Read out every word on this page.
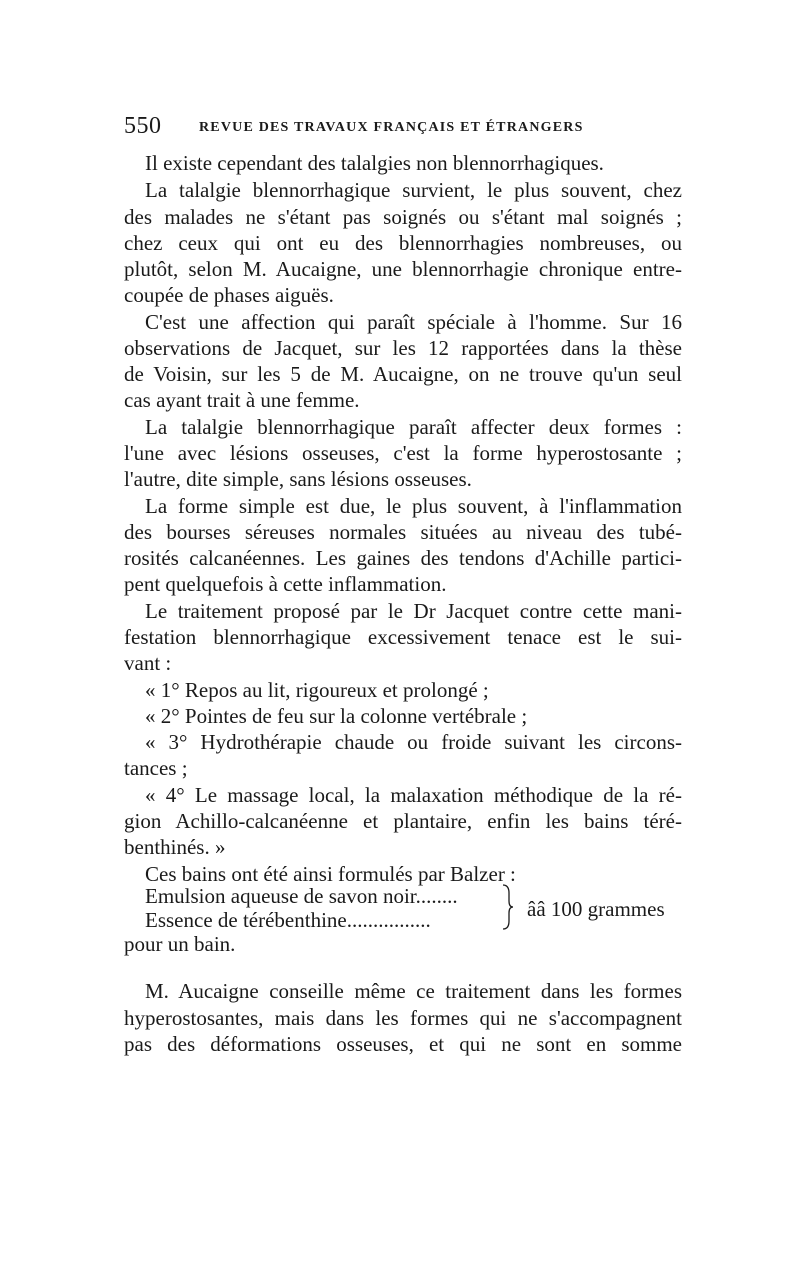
550	REVUE DES TRAVAUX FRANÇAIS ET ÉTRANGERS
Il existe cependant des talalgies non blennorrhagiques.
La talalgie blennorrhagique survient, le plus souvent, chez
des malades ne s'étant pas soignés ou s'étant mal soignés ;
chez ceux qui ont eu des blennorrhagies nombreuses, ou
plutôt, selon M. Aucaigne, une blennorrhagie chronique entre-
coupée de phases aiguës.
C'est une affection qui paraît spéciale à l'homme. Sur 16
observations de Jacquet, sur les 12 rapportées dans la thèse
de Voisin, sur les 5 de M. Aucaigne, on ne trouve qu'un seul
cas ayant trait à une femme.
La talalgie blennorrhagique paraît affecter deux formes :
l'une avec lésions osseuses, c'est la forme hyperostosante ;
l'autre, dite simple, sans lésions osseuses.
La forme simple est due, le plus souvent, à l'inflammation
des bourses séreuses normales situées au niveau des tubé-
rosités calcanéennes. Les gaines des tendons d'Achille partici-
pent quelquefois à cette inflammation.
Le traitement proposé par le Dr Jacquet contre cette mani-
festation blennorrhagique excessivement tenace est le sui-
vant :
« 1° Repos au lit, rigoureux et prolongé ;
« 2° Pointes de feu sur la colonne vertébrale ;
« 3° Hydrothérapie chaude ou froide suivant les circons-
tances ;
« 4° Le massage local, la malaxation méthodique de la ré-
gion Achillo-calcanéenne et plantaire, enfin les bains téré-
benthinés. »
Ces bains ont été ainsi formulés par Balzer :
Emulsion aqueuse de savon noir........
Essence de térébenthine................	ââ 100 grammes
pour un bain.
M. Aucaigne conseille même ce traitement dans les formes
hyperostosantes, mais dans les formes qui ne s'accompagnent
pas des déformations osseuses, et qui ne sont en somme
